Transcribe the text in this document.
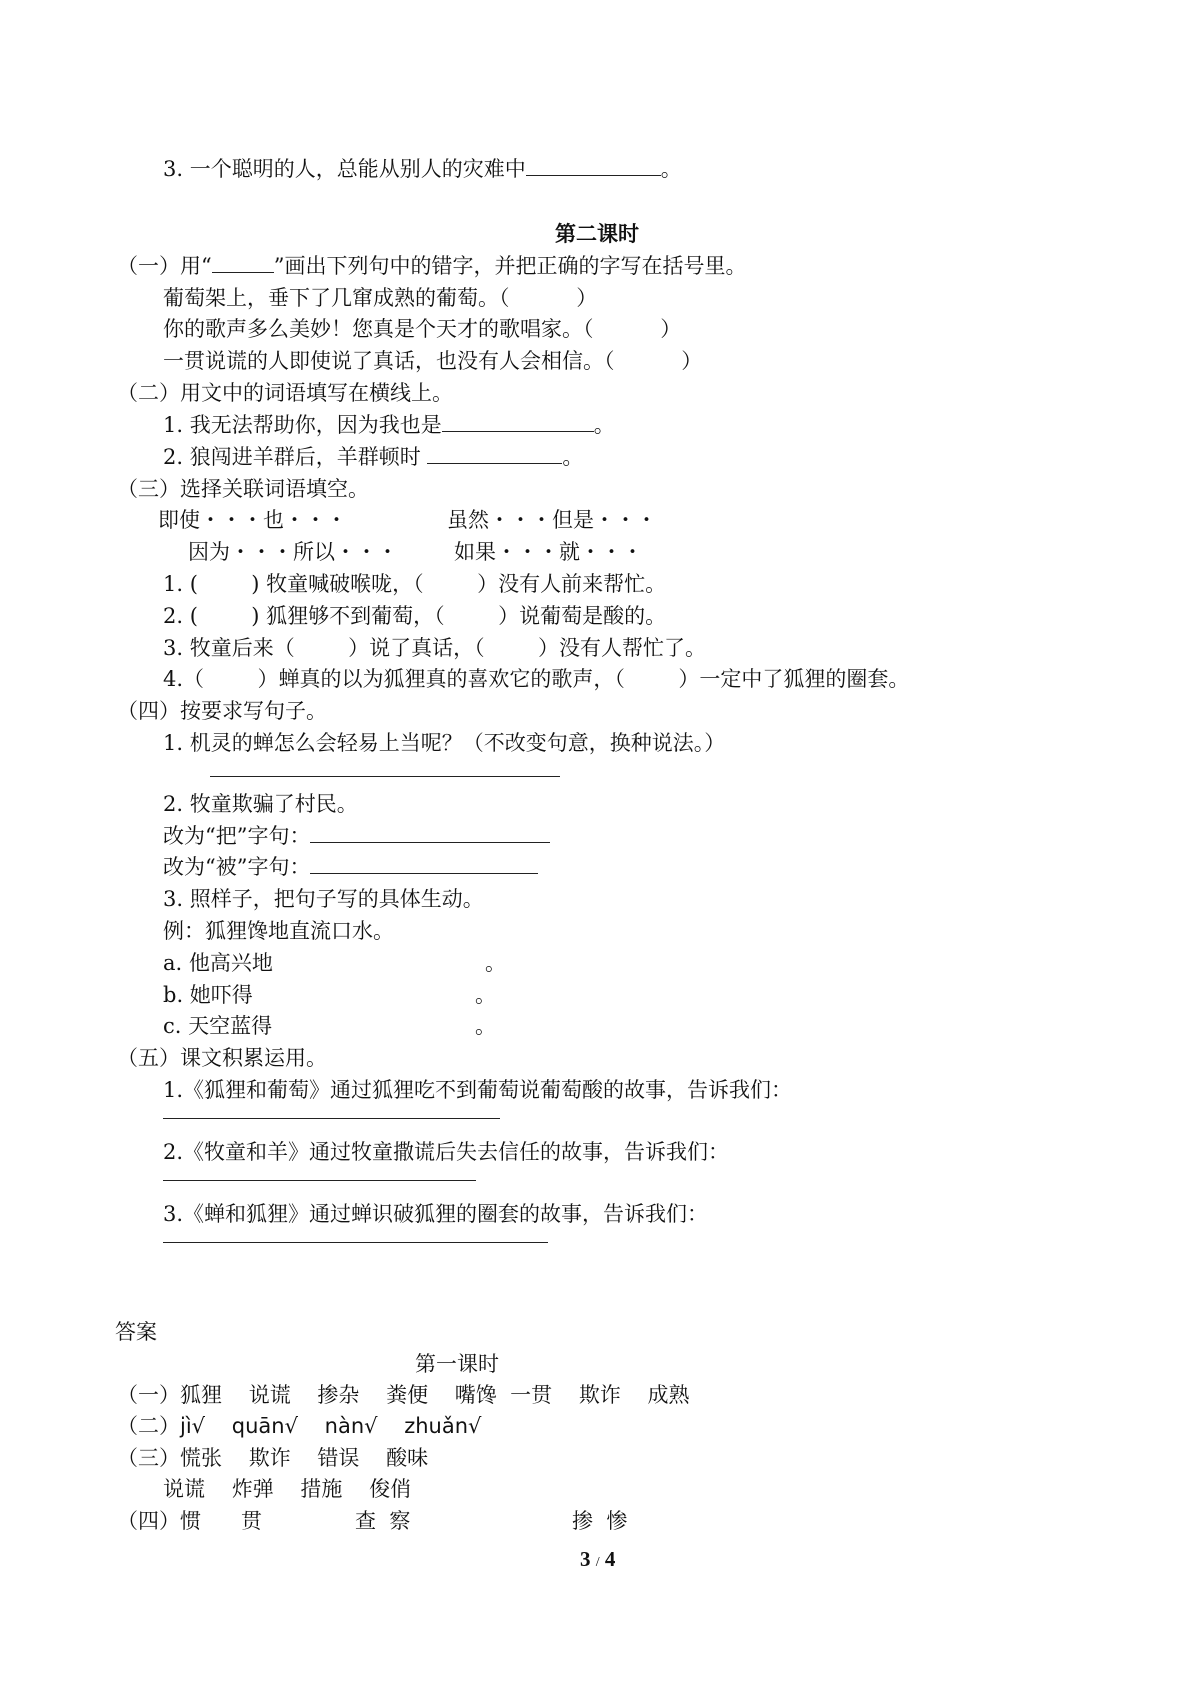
3. 一个聪明的人，总能从别人的灾难中	。
第二课时
（一）用“	”画出下列句中的错字，并把正确的字写在括号里。
葡萄架上，垂下了几窜成熟的葡萄。（          ）
你的歌声多么美妙！您真是个天才的歌唱家。（          ）
一贯说谎的人即使说了真话，也没有人会相信。（          ）
（二）用文中的词语填写在横线上。
1. 我无法帮助你，因为我也是	。
2. 狼闯进羊群后，羊群顿时	。
（三）选择关联词语填空。
即使・・・也・・・	虽然・・・但是・・・
因为・・・所以・・・	如果・・・就・・・
1. (        ) 牧童喊破喉咙，（        ）没有人前来帮忙。
2. (        ) 狐狸够不到葡萄，（        ）说葡萄是酸的。
3. 牧童后来（        ）说了真话，（        ）没有人帮忙了。
4.（        ）蝉真的以为狐狸真的喜欢它的歌声，（        ）一定中了狐狸的圈套。
（四）按要求写句子。
1. 机灵的蝉怎么会轻易上当呢？（不改变句意，换种说法。）
2. 牧童欺骗了村民。
改为“把”字句：
改为“被”字句：
3. 照样子，把句子写的具体生动。
例：狐狸馋地直流口水。
a. 他高兴地	。
b. 她吓得	。
c. 天空蓝得	。
（五）课文积累运用。
1.《狐狸和葡萄》通过狐狸吃不到葡萄说葡萄酸的故事，告诉我们：
2.《牧童和羊》通过牧童撒谎后失去信任的故事，告诉我们：
3.《蝉和狐狸》通过蝉识破狐狸的圈套的故事，告诉我们：
答案
第一课时
（一）狐狸    说谎    掺杂    粪便    嘴馋  一贯    欺诈    成熟
（二）jì√    quān√    nàn√    zhuǎn√
（三）慌张    欺诈    错误    酸味
说谎    炸弹    措施    俊俏
（四）惯      贯	查  察	掺  惨
3 / 4
